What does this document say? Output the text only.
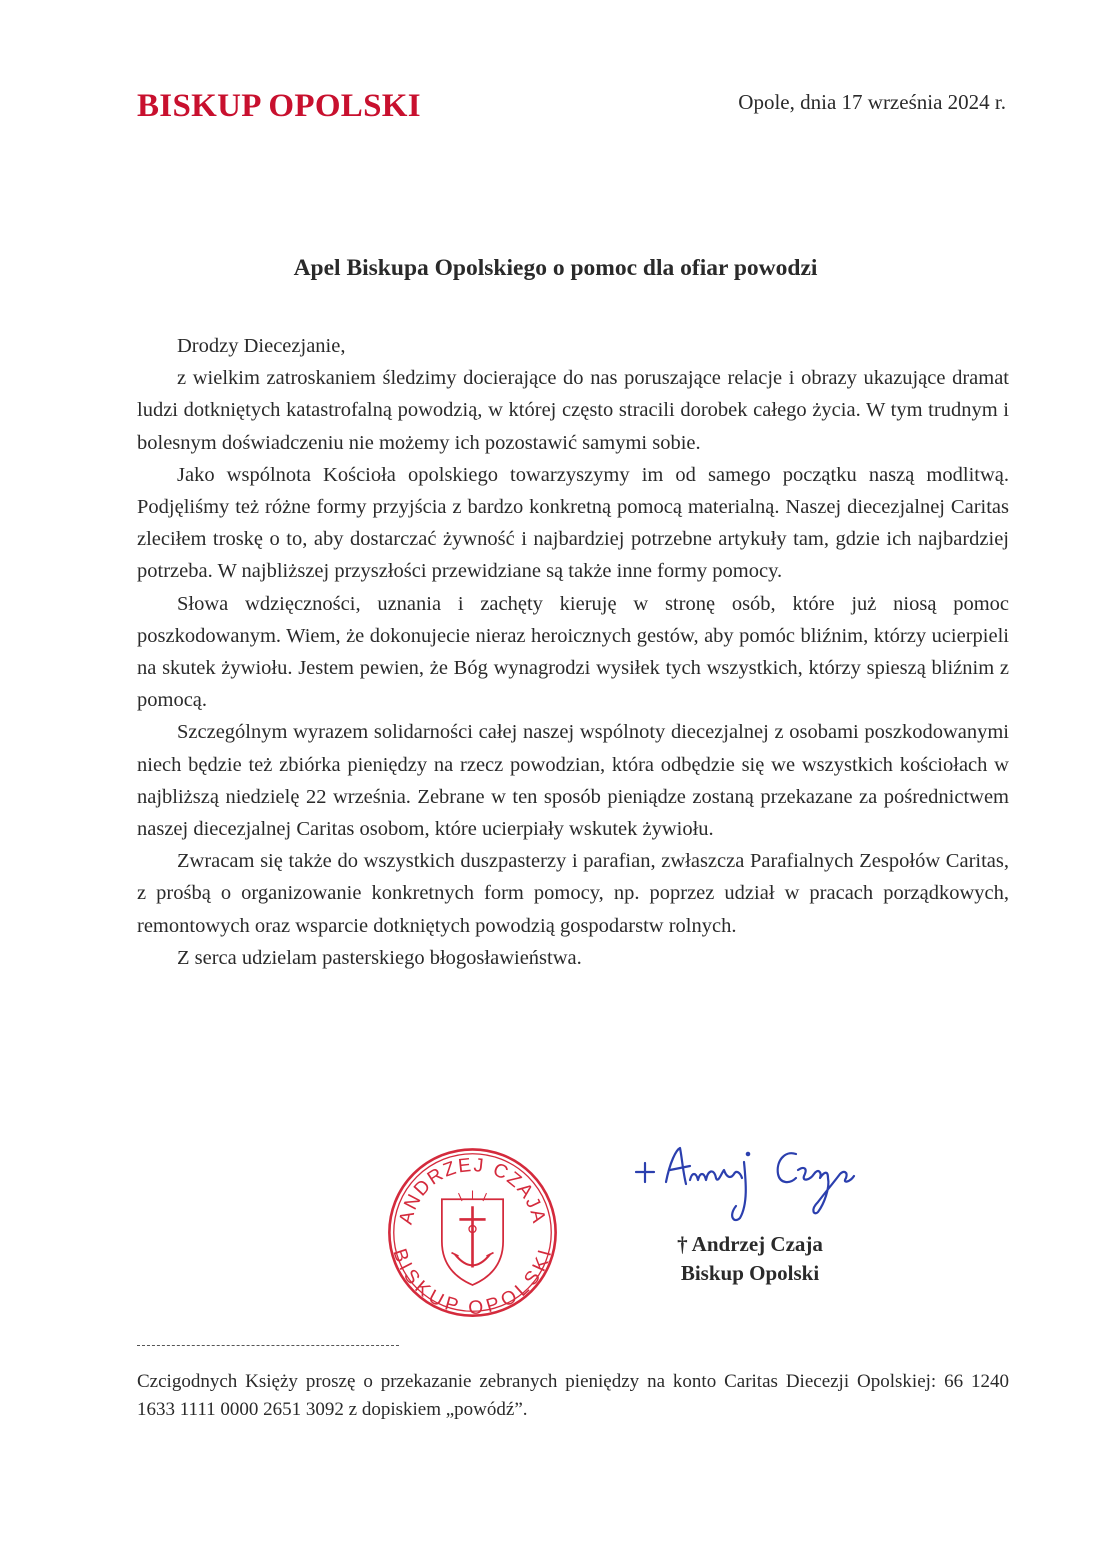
BISKUP OPOLSKI	Opole, dnia 17 września 2024 r.
Apel Biskupa Opolskiego o pomoc dla ofiar powodzi

Drodzy Diecezjanie,

z wielkim zatroskaniem śledzimy docierające do nas poruszające relacje i obrazy ukazujące dramat ludzi dotkniętych katastrofalną powodzią, w której często stracili dorobek całego życia. W tym trudnym i bolesnym doświadczeniu nie możemy ich pozostawić samymi sobie.

Jako wspólnota Kościoła opolskiego towarzyszymy im od samego początku naszą modlitwą. Podjęliśmy też różne formy przyjścia z bardzo konkretną pomocą materialną. Naszej diecezjalnej Caritas zleciłem troskę o to, aby dostarczać żywność i najbardziej potrzebne artykuły tam, gdzie ich najbardziej potrzeba. W najbliższej przyszłości przewidziane są także inne formy pomocy.

Słowa wdzięczności, uznania i zachęty kieruję w stronę osób, które już niosą pomoc poszkodowanym. Wiem, że dokonujecie nieraz heroicznych gestów, aby pomóc bliźnim, którzy ucierpieli na skutek żywiołu. Jestem pewien, że Bóg wynagrodzi wysiłek tych wszystkich, którzy spieszą bliźnim z pomocą.

Szczególnym wyrazem solidarności całej naszej wspólnoty diecezjalnej z osobami poszkodowanymi niech będzie też zbiórka pieniędzy na rzecz powodzian, która odbędzie się we wszystkich kościołach w najbliższą niedzielę 22 września. Zebrane w ten sposób pieniądze zostaną przekazane za pośrednictwem naszej diecezjalnej Caritas osobom, które ucierpiały wskutek żywiołu.

Zwracam się także do wszystkich duszpasterzy i parafian, zwłaszcza Parafialnych Zespołów Caritas, z prośbą o organizowanie konkretnych form pomocy, np. poprzez udział w pracach porządkowych, remontowych oraz wsparcie dotkniętych powodzią gospodarstw rolnych.

Z serca udzielam pasterskiego błogosławieństwa.

ANDRZEJ CZAJA
BISKUP OPOLSKI	† Andrzej Czaja
Biskup Opolski
Czcigodnych Księży proszę o przekazanie zebranych pieniędzy na konto Caritas Diecezji Opolskiej: 66 1240 1633 1111 0000 2651 3092 z dopiskiem „powódź”.
